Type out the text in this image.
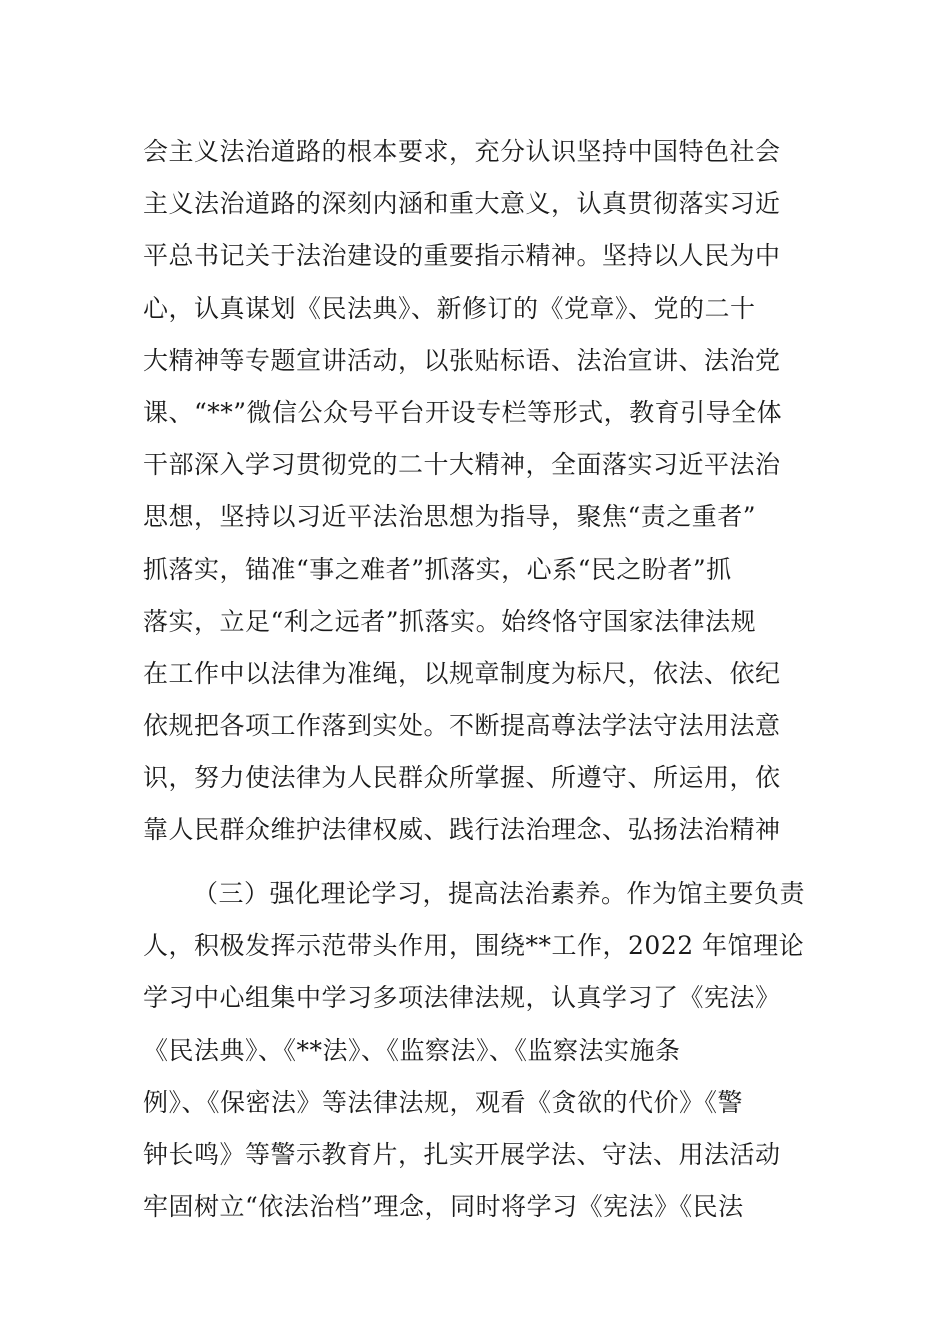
会主义法治道路的根本要求，充分认识坚持中国特色社会
主义法治道路的深刻内涵和重大意义，认真贯彻落实习近
平总书记关于法治建设的重要指示精神。坚持以人民为中
心，认真谋划《民法典》、新修订的《党章》、党的二十
大精神等专题宣讲活动，以张贴标语、法治宣讲、法治党
课、“**”微信公众号平台开设专栏等形式，教育引导全体
干部深入学习贯彻党的二十大精神，全面落实习近平法治
思想，坚持以习近平法治思想为指导，聚焦“责之重者”
抓落实，锚准“事之难者”抓落实，心系“民之盼者”抓
落实，立足“利之远者”抓落实。始终恪守国家法律法规
在工作中以法律为准绳，以规章制度为标尺，依法、依纪
依规把各项工作落到实处。不断提高尊法学法守法用法意
识，努力使法律为人民群众所掌握、所遵守、所运用，依
靠人民群众维护法律权威、践行法治理念、弘扬法治精神
（三）强化理论学习，提高法治素养。作为馆主要负责
人，积极发挥示范带头作用，围绕**工作，2022 年馆理论
学习中心组集中学习多项法律法规，认真学习了《宪法》
《民法典》、《**法》、《监察法》、《监察法实施条
例》、《保密法》等法律法规，观看《贪欲的代价》《警
钟长鸣》等警示教育片，扎实开展学法、守法、用法活动
牢固树立“依法治档”理念，同时将学习《宪法》《民法
